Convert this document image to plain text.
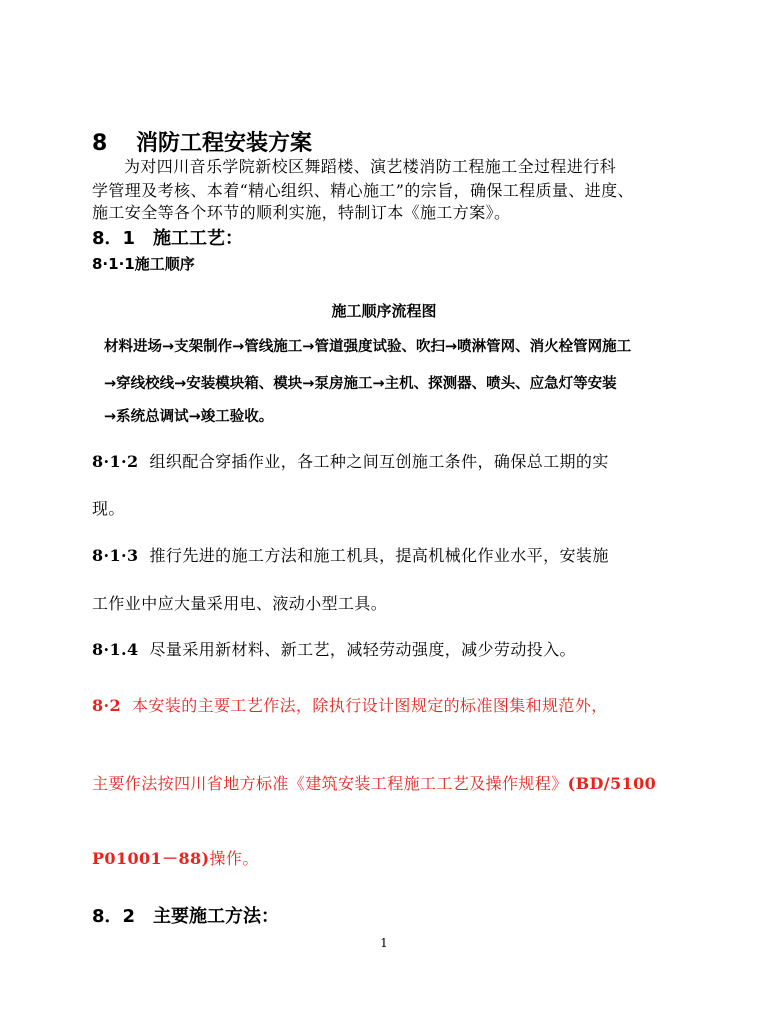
8 消防工程安装方案
为对四川音乐学院新校区舞蹈楼、演艺楼消防工程施工全过程进行科
学管理及考核、本着“精心组织、精心施工”的宗旨，确保工程质量、进度、
施工安全等各个环节的顺利实施，特制订本《施工方案》。
8．1　施工工艺：
8·1·1施工顺序
施工顺序流程图
材料进场→支架制作→管线施工→管道强度试验、吹扫→喷淋管网、消火栓管网施工
→穿线校线→安装模块箱、模块→泵房施工→主机、探测器、喷头、应急灯等安装
→系统总调试→竣工验收。
8·1·2 组织配合穿插作业，各工种之间互创施工条件，确保总工期的实
现。
8·1·3 推行先进的施工方法和施工机具，提高机械化作业水平，安装施
工作业中应大量采用电、液动小型工具。
8·1.4 尽量采用新材料、新工艺，减轻劳动强度，减少劳动投入。
8·2 本安装的主要工艺作法，除执行设计图规定的标准图集和规范外，
主要作法按四川省地方标准《建筑安装工程施工工艺及操作规程》(BD/5100
P01001－88)操作。
8．2　主要施工方法：
1
